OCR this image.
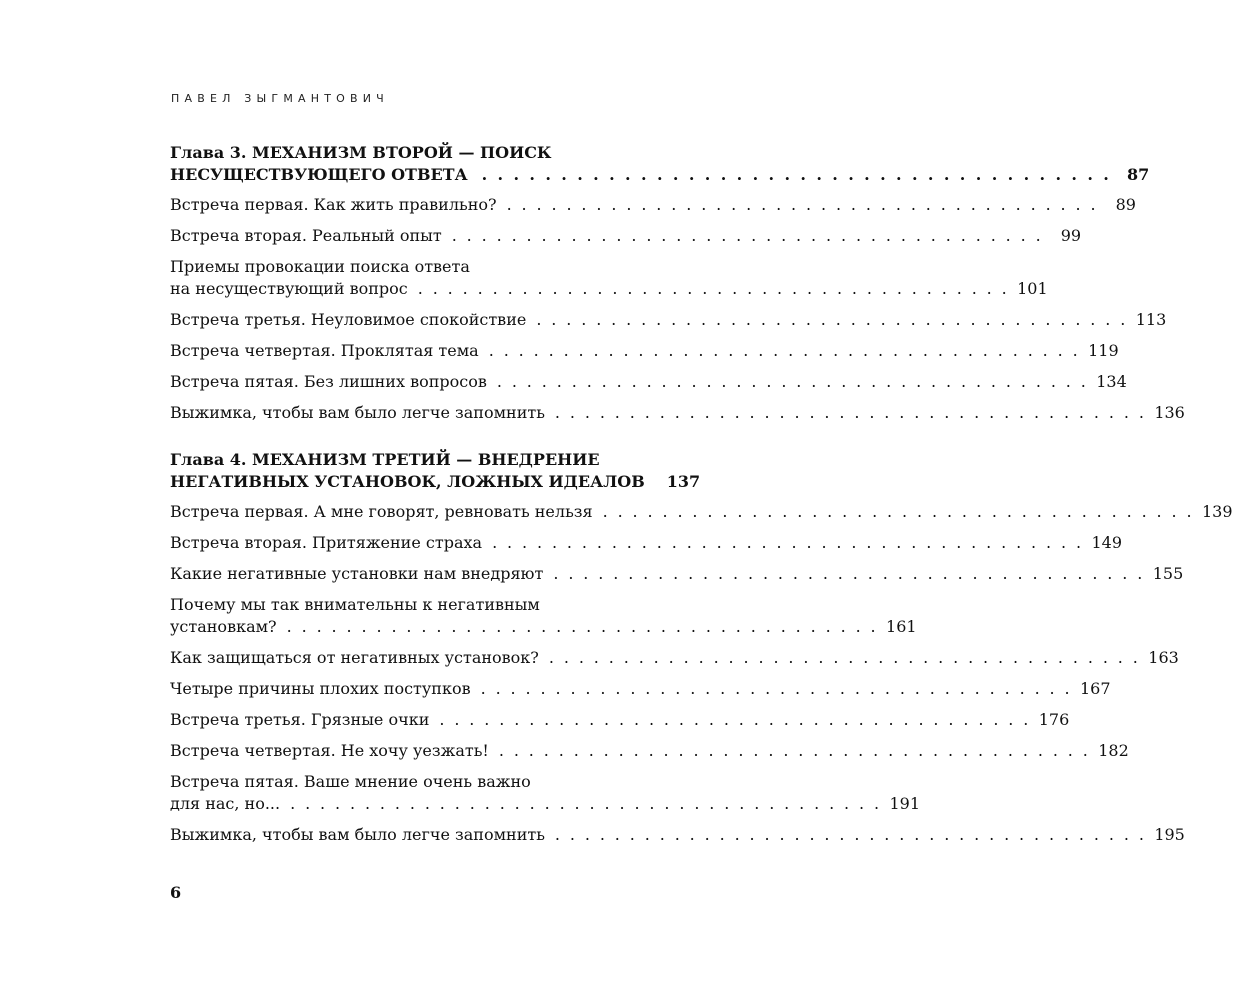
ПАВЕЛ ЗЫГМАНТОВИЧ
Глава 3. МЕХАНИЗМ ВТОРОЙ — ПОИСК
НЕСУЩЕСТВУЮЩЕГО ОТВЕТА . . . . . . . . . . . . . . . . . . . . . . . . . . . . . . . . . . . . . . . . 87
Встреча первая. Как жить правильно? . . . . . . . . . . . . . . . . . . . . . . . . . . . . . . . . . . . . . . . .	89
Встреча вторая. Реальный опыт . . . . . . . . . . . . . . . . . . . . . . . . . . . . . . . . . . . . . . . .	99
Приемы провокации поиска ответа
на несуществующий вопрос . . . . . . . . . . . . . . . . . . . . . . . . . . . . . . . . . . . . . . . . 101
Встреча третья. Неуловимое спокойствие . . . . . . . . . . . . . . . . . . . . . . . . . . . . . . . . . . . . . . . . 113
Встреча четвертая. Проклятая тема . . . . . . . . . . . . . . . . . . . . . . . . . . . . . . . . . . . . . . . . 119
Встреча пятая. Без лишних вопросов . . . . . . . . . . . . . . . . . . . . . . . . . . . . . . . . . . . . . . . . 134
Выжимка, чтобы вам было легче запомнить . . . . . . . . . . . . . . . . . . . . . . . . . . . . . . . . . . . . . . . . 136
Глава 4. МЕХАНИЗМ ТРЕТИЙ — ВНЕДРЕНИЕ
НЕГАТИВНЫХ УСТАНОВОК, ЛОЖНЫХ ИДЕАЛОВ 137
Встреча первая. А мне говорят, ревновать нельзя . . . . . . . . . . . . . . . . . . . . . . . . . . . . . . . . . . . . . . . . 139
Встреча вторая. Притяжение страха . . . . . . . . . . . . . . . . . . . . . . . . . . . . . . . . . . . . . . . . 149
Какие негативные установки нам внедряют . . . . . . . . . . . . . . . . . . . . . . . . . . . . . . . . . . . . . . . . 155
Почему мы так внимательны к негативным
установкам? . . . . . . . . . . . . . . . . . . . . . . . . . . . . . . . . . . . . . . . . 161
Как защищаться от негативных установок? . . . . . . . . . . . . . . . . . . . . . . . . . . . . . . . . . . . . . . . . 163
Четыре причины плохих поступков . . . . . . . . . . . . . . . . . . . . . . . . . . . . . . . . . . . . . . . . 167
Встреча третья. Грязные очки . . . . . . . . . . . . . . . . . . . . . . . . . . . . . . . . . . . . . . . . 176
Встреча четвертая. Не хочу уезжать! . . . . . . . . . . . . . . . . . . . . . . . . . . . . . . . . . . . . . . . . 182
Встреча пятая. Ваше мнение очень важно
для нас, но... . . . . . . . . . . . . . . . . . . . . . . . . . . . . . . . . . . . . . . . . 191
Выжимка, чтобы вам было легче запомнить . . . . . . . . . . . . . . . . . . . . . . . . . . . . . . . . . . . . . . . . 195
6
